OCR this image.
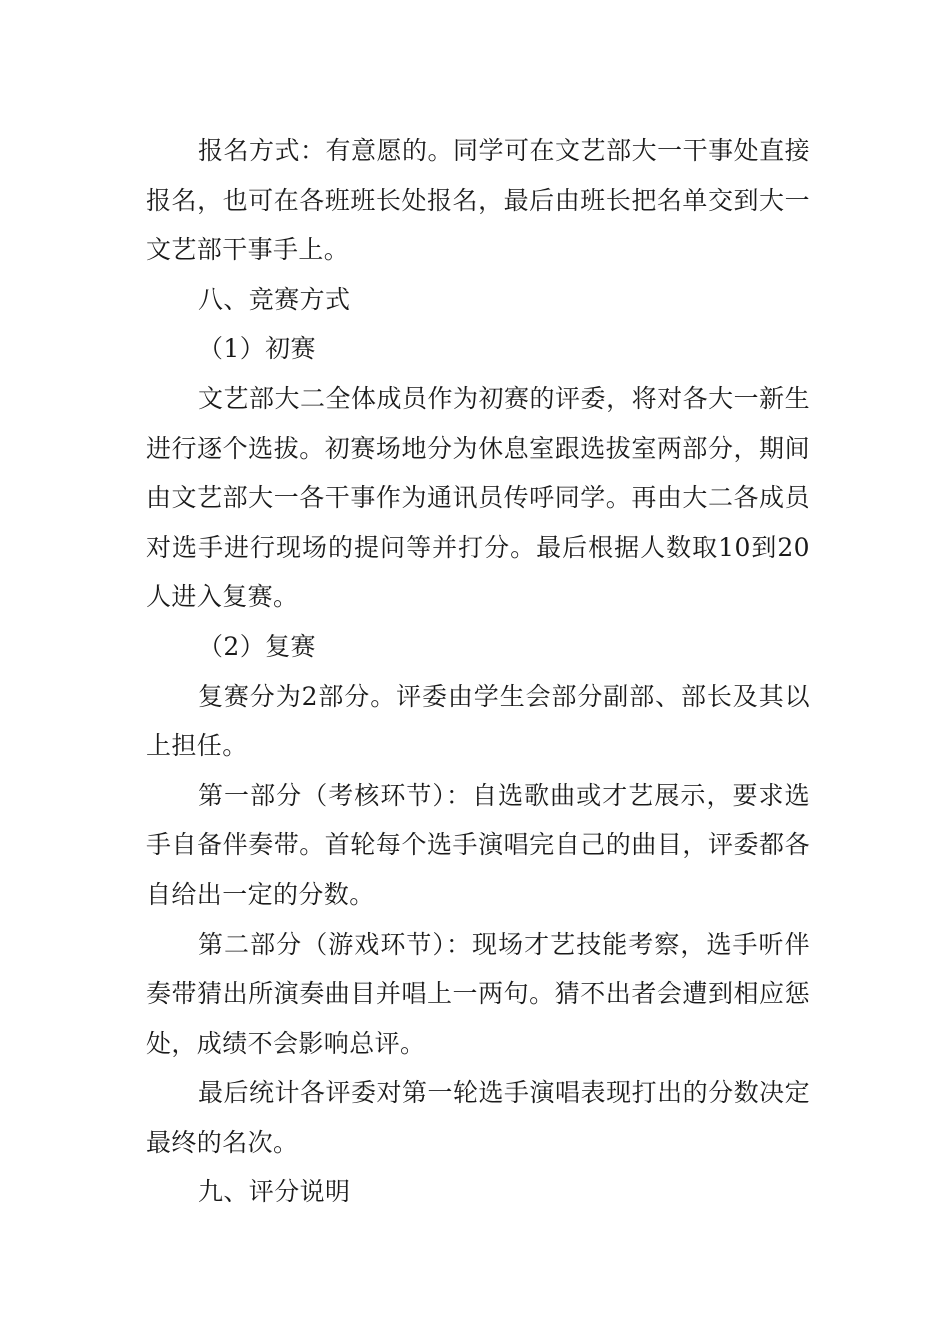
报名方式：有意愿的。同学可在文艺部大一干事处直接报名，也可在各班班长处报名，最后由班长把名单交到大一文艺部干事手上。

八、竞赛方式

（1）初赛

文艺部大二全体成员作为初赛的评委，将对各大一新生进行逐个选拔。初赛场地分为休息室跟选拔室两部分，期间由文艺部大一各干事作为通讯员传呼同学。再由大二各成员对选手进行现场的提问等并打分。最后根据人数取10到20人进入复赛。

（2）复赛

复赛分为2部分。评委由学生会部分副部、部长及其以上担任。

第一部分（考核环节）：自选歌曲或才艺展示，要求选手自备伴奏带。首轮每个选手演唱完自己的曲目，评委都各自给出一定的分数。

第二部分（游戏环节）：现场才艺技能考察，选手听伴奏带猜出所演奏曲目并唱上一两句。猜不出者会遭到相应惩处，成绩不会影响总评。

最后统计各评委对第一轮选手演唱表现打出的分数决定最终的名次。

九、评分说明
